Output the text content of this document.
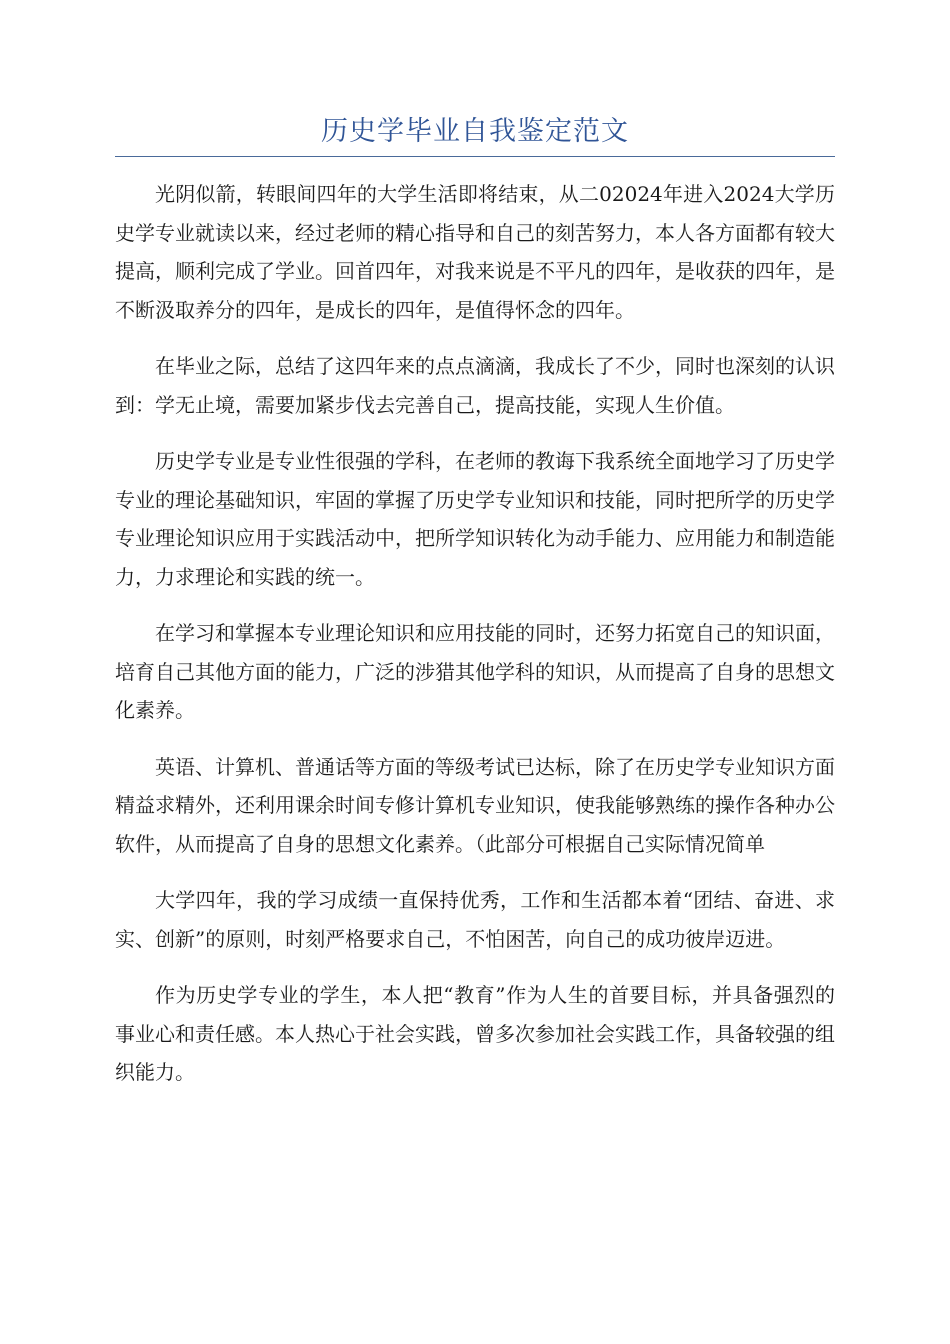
历史学毕业自我鉴定范文

光阴似箭，转眼间四年的大学生活即将结束，从二02024年进入2024大学历史学专业就读以来，经过老师的精心指导和自己的刻苦努力，本人各方面都有较大提高，顺利完成了学业。回首四年，对我来说是不平凡的四年，是收获的四年，是不断汲取养分的四年，是成长的四年，是值得怀念的四年。

在毕业之际，总结了这四年来的点点滴滴，我成长了不少，同时也深刻的认识到：学无止境，需要加紧步伐去完善自己，提高技能，实现人生价值。

历史学专业是专业性很强的学科，在老师的教诲下我系统全面地学习了历史学专业的理论基础知识，牢固的掌握了历史学专业知识和技能，同时把所学的历史学专业理论知识应用于实践活动中，把所学知识转化为动手能力、应用能力和制造能力，力求理论和实践的统一。

在学习和掌握本专业理论知识和应用技能的同时，还努力拓宽自己的知识面，培育自己其他方面的能力，广泛的涉猎其他学科的知识，从而提高了自身的思想文化素养。

英语、计算机、普通话等方面的等级考试已达标，除了在历史学专业知识方面精益求精外，还利用课余时间专修计算机专业知识，使我能够熟练的操作各种办公软件，从而提高了自身的思想文化素养。（此部分可根据自己实际情况简单

大学四年，我的学习成绩一直保持优秀，工作和生活都本着“团结、奋进、求实、创新”的原则，时刻严格要求自己，不怕困苦，向自己的成功彼岸迈进。

作为历史学专业的学生，本人把“教育”作为人生的首要目标，并具备强烈的事业心和责任感。本人热心于社会实践，曾多次参加社会实践工作，具备较强的组织能力。
